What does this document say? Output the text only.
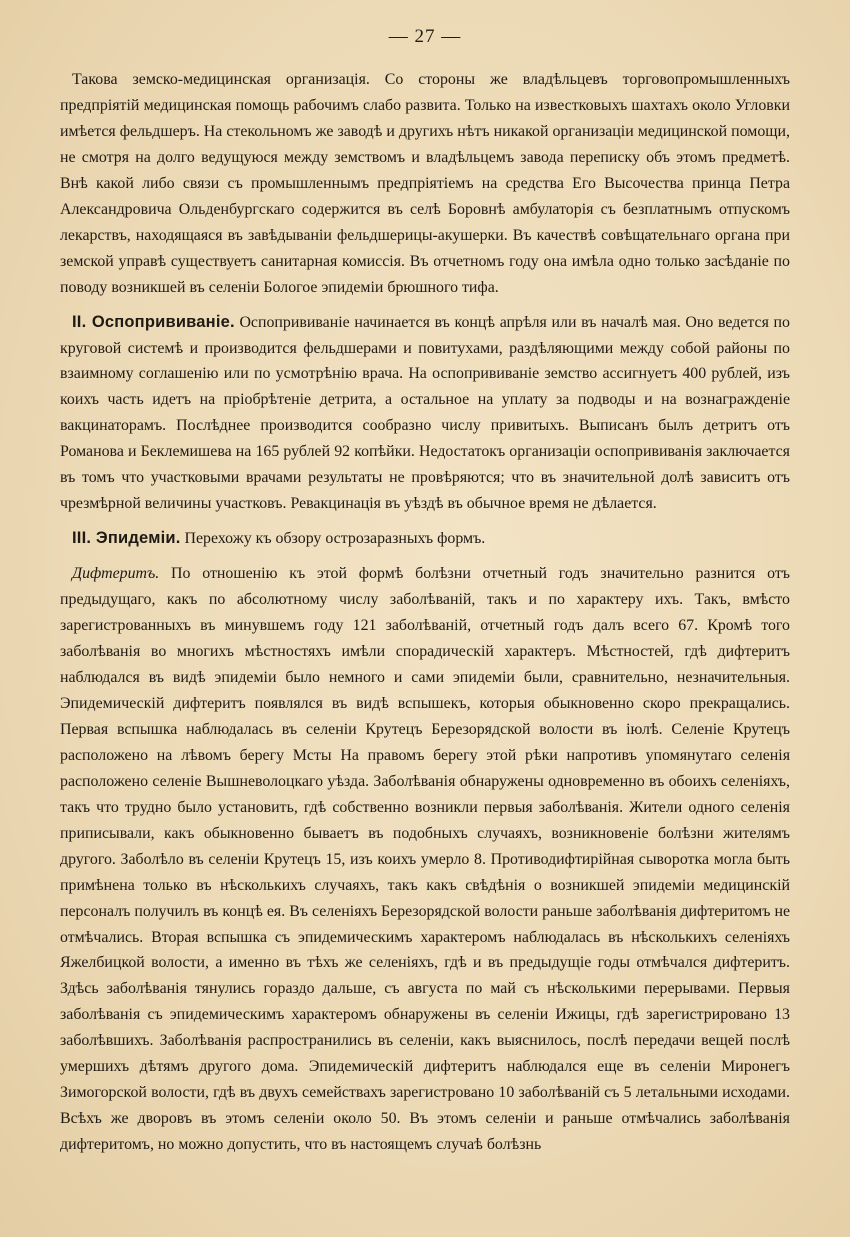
— 27 —

Такова земско-медицинская организація. Со стороны же владѣльцевъ торговопромышленныхъ предпріятій медицинская помощь рабочимъ слабо развита. Только на известковыхъ шахтахъ около Угловки имѣется фельдшеръ. На стекольномъ же заводѣ и другихъ нѣтъ никакой организаціи медицинской помощи, не смотря на долго ведущуюся между земствомъ и владѣльцемъ завода переписку объ этомъ предметѣ. Внѣ какой либо связи съ промышленнымъ предпріятіемъ на средства Его Высочества принца Петра Александровича Ольденбургскаго содержится въ селѣ Боровнѣ амбулаторія съ безплатнымъ отпускомъ лекарствъ, находящаяся въ завѣдываніи фельдшерицы-акушерки. Въ качествѣ совѣщательнаго органа при земской управѣ существуетъ санитарная комиссія. Въ отчетномъ году она имѣла одно только засѣданіе по поводу возникшей въ селеніи Бологое эпидеміи брюшного тифа.

II. Оспопрививаніе. Оспопрививаніе начинается въ концѣ апрѣля или въ началѣ мая. Оно ведется по круговой системѣ и производится фельдшерами и повитухами, раздѣляющими между собой районы по взаимному соглашенію или по усмотрѣнію врача. На оспопрививаніе земство ассигнуетъ 400 рублей, изъ коихъ часть идетъ на пріобрѣтеніе детрита, а остальное на уплату за подводы и на вознагражденіе вакцинаторамъ. Послѣднее производится сообразно числу привитыхъ. Выписанъ былъ детритъ отъ Романова и Беклемишева на 165 рублей 92 копѣйки. Недостатокъ организаціи оспопрививанія заключается въ томъ что участковыми врачами результаты не провѣряются; что въ значительной долѣ зависитъ отъ чрезмѣрной величины участковъ. Ревакцинація въ уѣздѣ въ обычное время не дѣлается.

III. Эпидеміи. Перехожу къ обзору острозаразныхъ формъ.

Дифтеритъ. По отношенію къ этой формѣ болѣзни отчетный годъ значительно разнится отъ предыдущаго, какъ по абсолютному числу заболѣваній, такъ и по характеру ихъ. Такъ, вмѣсто зарегистрованныхъ въ минувшемъ году 121 заболѣваній, отчетный годъ далъ всего 67. Кромѣ того заболѣванія во многихъ мѣстностяхъ имѣли спорадическій характеръ. Мѣстностей, гдѣ дифтеритъ наблюдался въ видѣ эпидеміи было немного и сами эпидеміи были, сравнительно, незначительныя. Эпидемическій дифтеритъ появлялся въ видѣ вспышекъ, которыя обыкновенно скоро прекращались. Первая вспышка наблюдалась въ селеніи Крутецъ Березорядской волости въ іюлѣ. Селеніе Крутецъ расположено на лѣвомъ берегу Мсты На правомъ берегу этой рѣки напротивъ упомянутаго селенія расположено селеніе Вышневолоцкаго уѣзда. Заболѣванія обнаружены одновременно въ обоихъ селеніяхъ, такъ что трудно было установить, гдѣ собственно возникли первыя заболѣванія. Жители одного селенія приписывали, какъ обыкновенно бываетъ въ подобныхъ случаяхъ, возникновеніе болѣзни жителямъ другого. Заболѣло въ селеніи Крутецъ 15, изъ коихъ умерло 8. Противодифтирійная сыворотка могла быть примѣнена только въ нѣсколькихъ случаяхъ, такъ какъ свѣдѣнія о возникшей эпидеміи медицинскій персоналъ получилъ въ концѣ ея. Въ селеніяхъ Березорядской волости раньше заболѣванія дифтеритомъ не отмѣчались. Вторая вспышка съ эпидемическимъ характеромъ наблюдалась въ нѣсколькихъ селеніяхъ Яжелбицкой волости, а именно въ тѣхъ же селеніяхъ, гдѣ и въ предыдущіе годы отмѣчался дифтеритъ. Здѣсь заболѣванія тянулись гораздо дальше, съ августа по май съ нѣсколькими перерывами. Первыя заболѣванія съ эпидемическимъ характеромъ обнаружены въ селеніи Ижицы, гдѣ зарегистрировано 13 заболѣвшихъ. Заболѣванія распространились въ селеніи, какъ выяснилось, послѣ передачи вещей послѣ умершихъ дѣтямъ другого дома. Эпидемическій дифтеритъ наблюдался еще въ селеніи Миронегъ Зимогорской волости, гдѣ въ двухъ семействахъ зарегистровано 10 заболѣваній съ 5 летальными исходами. Всѣхъ же дворовъ въ этомъ селеніи около 50. Въ этомъ селеніи и раньше отмѣчались заболѣванія дифтеритомъ, но можно допустить, что въ настоящемъ случаѣ болѣзнь
